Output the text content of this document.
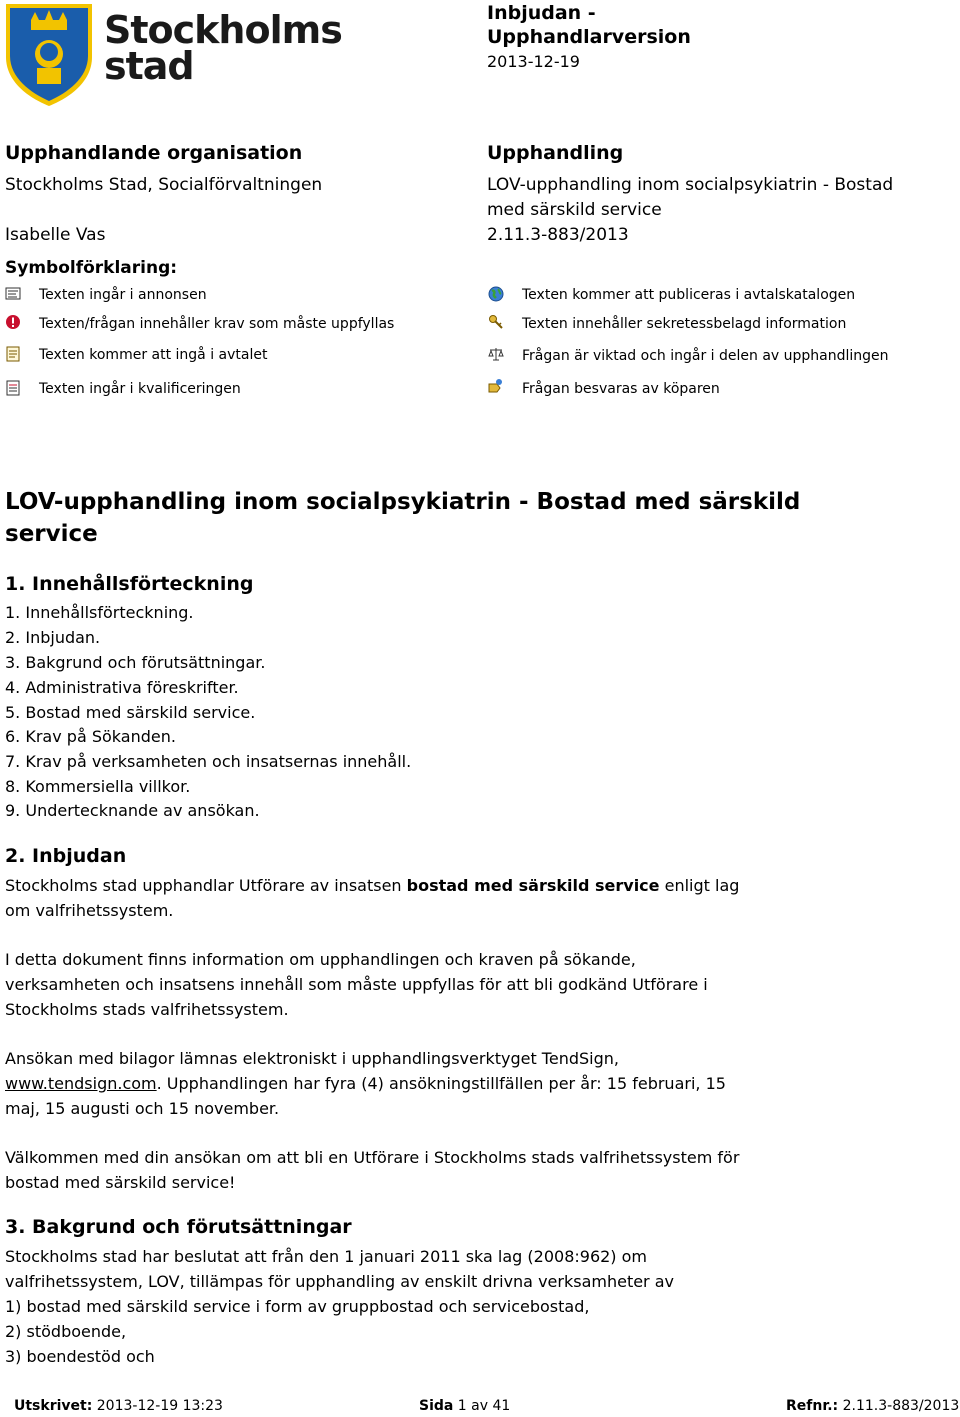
Stockholms
stad
Inbjudan -
Upphandlarversion
2013-12-19
Upphandlande organisation
Stockholms Stad, Socialförvaltningen
Isabelle Vas
Upphandling
LOV-upphandling inom socialpsykiatrin - Bostad
med särskild service
2.11.3-883/2013
Symbolförklaring:
Texten ingår i annonsen
Texten/frågan innehåller krav som måste uppfyllas
Texten kommer att ingå i avtalet
Texten ingår i kvalificeringen
Texten kommer att publiceras i avtalskatalogen
Texten innehåller sekretessbelagd information
Frågan är viktad och ingår i delen av upphandlingen
Frågan besvaras av köparen
LOV-upphandling inom socialpsykiatrin - Bostad med särskild
service
1. Innehållsförteckning
1. Innehållsförteckning.
2. Inbjudan.
3. Bakgrund och förutsättningar.
4. Administrativa föreskrifter.
5. Bostad med särskild service.
6. Krav på Sökanden.
7. Krav på verksamheten och insatsernas innehåll.
8. Kommersiella villkor.
9. Undertecknande av ansökan.
2. Inbjudan
Stockholms stad upphandlar Utförare av insatsen bostad med särskild service enligt lag
om valfrihetssystem.
I detta dokument finns information om upphandlingen och kraven på sökande,
verksamheten och insatsens innehåll som måste uppfyllas för att bli godkänd Utförare i
Stockholms stads valfrihetssystem.
Ansökan med bilagor lämnas elektroniskt i upphandlingsverktyget TendSign,
www.tendsign.com. Upphandlingen har fyra (4) ansökningstillfällen per år: 15 februari, 15
maj, 15 augusti och 15 november.
Välkommen med din ansökan om att bli en Utförare i Stockholms stads valfrihetssystem för
bostad med särskild service!
3. Bakgrund och förutsättningar
Stockholms stad har beslutat att från den 1 januari 2011 ska lag (2008:962) om
valfrihetssystem, LOV, tillämpas för upphandling av enskilt drivna verksamheter av
1) bostad med särskild service i form av gruppbostad och servicebostad,
2) stödboende,
3) boendestöd och
Utskrivet: 2013-12-19 13:23	Sida 1 av 41	Refnr.: 2.11.3-883/2013
